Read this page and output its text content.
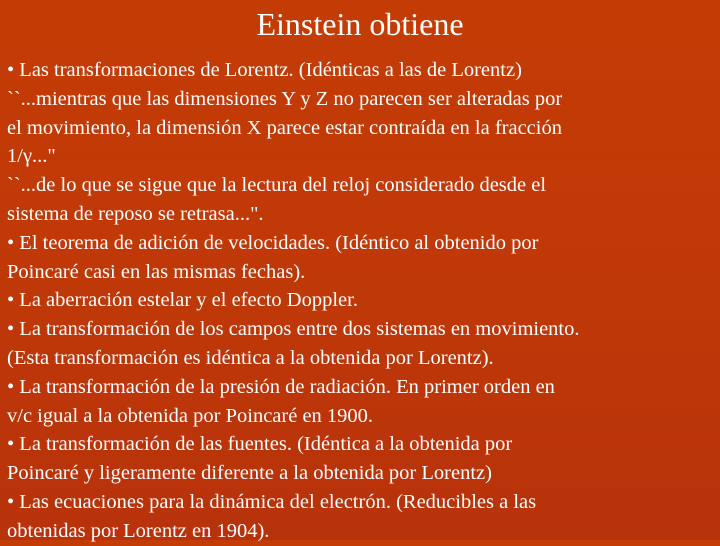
Einstein obtiene
• Las transformaciones de Lorentz. (Idénticas a las de Lorentz)
``...mientras que las dimensiones Y y Z no parecen ser alteradas por
el movimiento, la dimensión X parece estar contraída en la fracción
1/γ..."
``...de lo que se sigue que la lectura del reloj considerado desde el
sistema de reposo se retrasa...".
• El teorema de adición de velocidades. (Idéntico al obtenido por
Poincaré casi en las mismas fechas).
• La aberración estelar y el efecto Doppler.
• La transformación de los campos entre dos sistemas en movimiento.
(Esta transformación es idéntica a la obtenida por Lorentz).
• La transformación de la presión de radiación. En primer orden en
v/c igual a la obtenida por Poincaré en 1900.
• La transformación de las fuentes. (Idéntica a la obtenida por
Poincaré y ligeramente diferente a la obtenida por Lorentz)
• Las ecuaciones para la dinámica del electrón. (Reducibles a las
obtenidas por Lorentz en 1904).
